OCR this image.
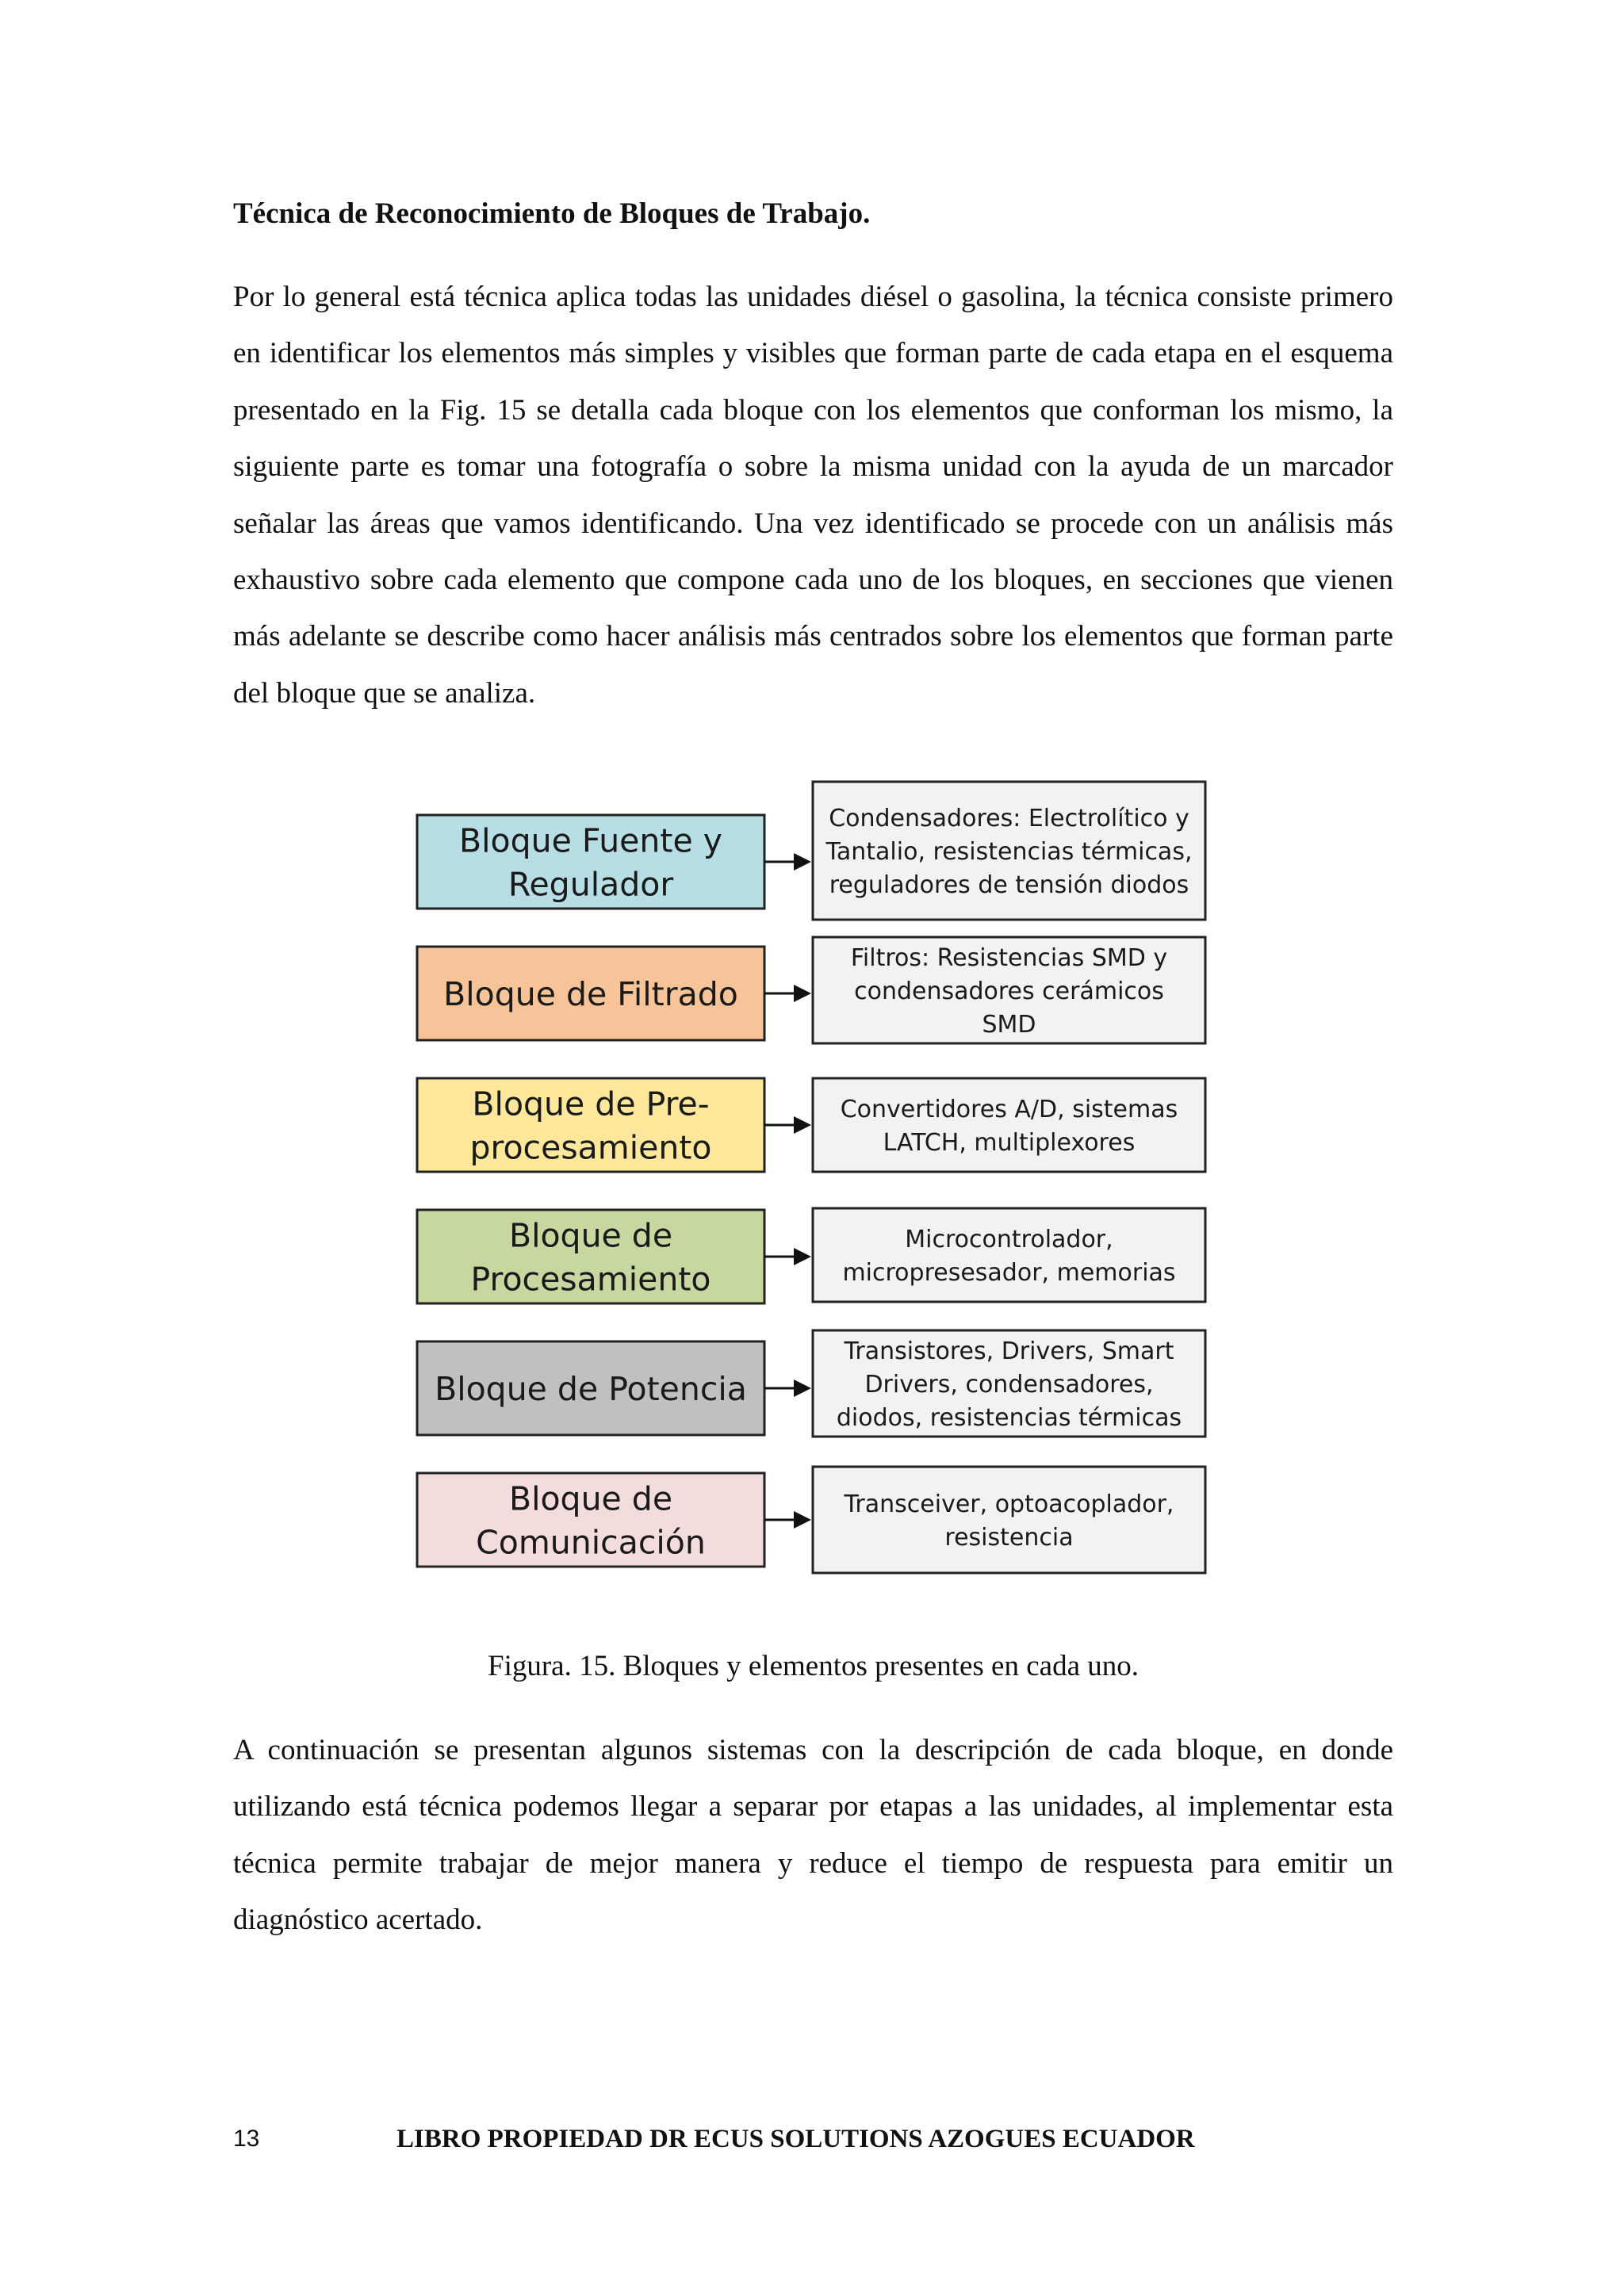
Técnica de Reconocimiento de Bloques de Trabajo.

Por lo general está técnica aplica todas las unidades diésel o gasolina, la técnica consiste primero en identificar los elementos más simples y visibles que forman parte de cada etapa en el esquema presentado en la Fig. 15 se detalla cada bloque con los elementos que conforman los mismo, la siguiente parte es tomar una fotografía o sobre la misma unidad con la ayuda de un marcador señalar las áreas que vamos identificando. Una vez identificado se procede con un análisis más exhaustivo sobre cada elemento que compone cada uno de los bloques, en secciones que vienen más adelante se describe como hacer análisis más centrados sobre los elementos que forman parte del bloque que se analiza.

Bloque Fuente y
Regulador
Condensadores: Electrolítico y
Tantalio, resistencias térmicas,
reguladores de tensión diodos
Bloque de Filtrado
Filtros: Resistencias SMD y
condensadores cerámicos
SMD
Bloque de Pre-
procesamiento
Convertidores A/D, sistemas
LATCH, multiplexores
Bloque de
Procesamiento
Microcontrolador,
micropresesador, memorias
Bloque de Potencia
Transistores, Drivers, Smart
Drivers, condensadores,
diodos, resistencias térmicas
Bloque de
Comunicación
Transceiver, optoacoplador,
resistencia
Figura. 15. Bloques y elementos presentes en cada uno.

A continuación se presentan algunos sistemas con la descripción de cada bloque, en donde utilizando está técnica podemos llegar a separar por etapas a las unidades, al implementar esta técnica permite trabajar de mejor manera y reduce el tiempo de respuesta para emitir un diagnóstico acertado.

13	LIBRO PROPIEDAD DR ECUS SOLUTIONS AZOGUES ECUADOR
